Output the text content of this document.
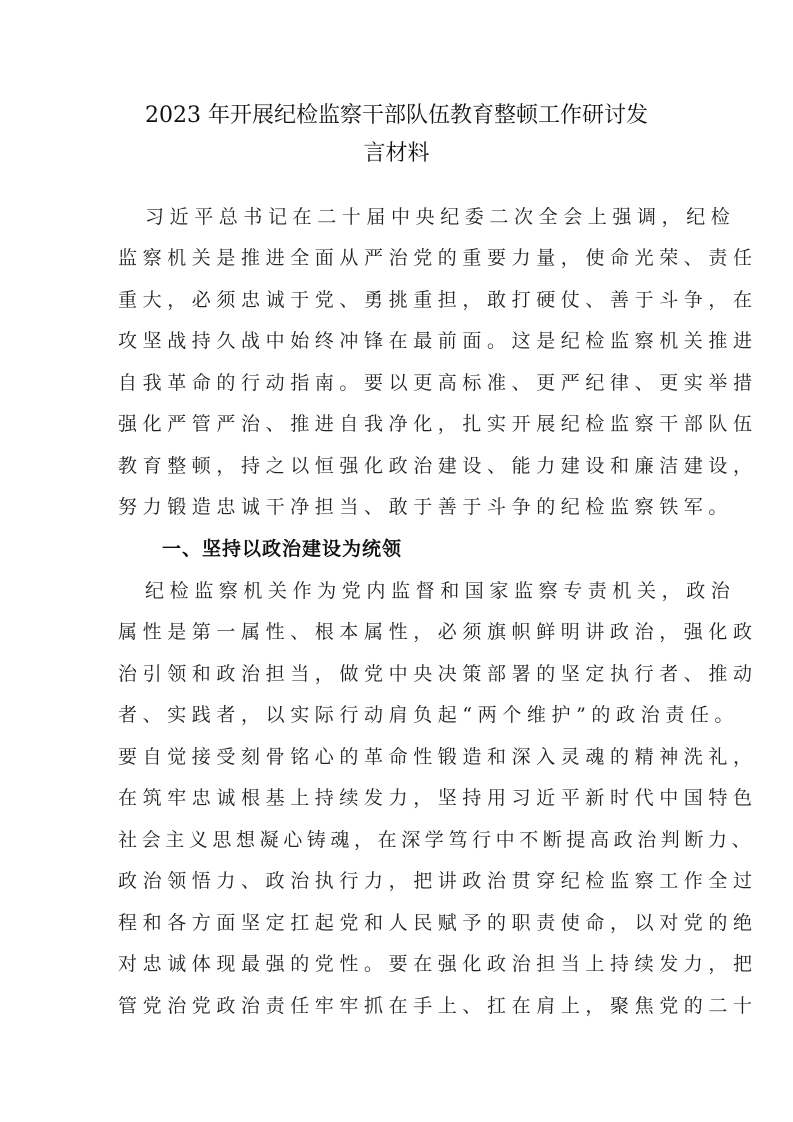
2023 年开展纪检监察干部队伍教育整顿工作研讨发
言材料
习近平总书记在二十届中央纪委二次全会上强调，纪检
监察机关是推进全面从严治党的重要力量，使命光荣、责任
重大，必须忠诚于党、勇挑重担，敢打硬仗、善于斗争，在
攻坚战持久战中始终冲锋在最前面。这是纪检监察机关推进
自我革命的行动指南。要以更高标准、更严纪律、更实举措
强化严管严治、推进自我净化，扎实开展纪检监察干部队伍
教育整顿，持之以恒强化政治建设、能力建设和廉洁建设，
努力锻造忠诚干净担当、敢于善于斗争的纪检监察铁军。
一、坚持以政治建设为统领
纪检监察机关作为党内监督和国家监察专责机关，政治
属性是第一属性、根本属性，必须旗帜鲜明讲政治，强化政
治引领和政治担当，做党中央决策部署的坚定执行者、推动
者、实践者，以实际行动肩负起“两个维护”的政治责任。
要自觉接受刻骨铭心的革命性锻造和深入灵魂的精神洗礼，
在筑牢忠诚根基上持续发力，坚持用习近平新时代中国特色
社会主义思想凝心铸魂，在深学笃行中不断提高政治判断力、
政治领悟力、政治执行力，把讲政治贯穿纪检监察工作全过
程和各方面坚定扛起党和人民赋予的职责使命，以对党的绝
对忠诚体现最强的党性。要在强化政治担当上持续发力，把
管党治党政治责任牢牢抓在手上、扛在肩上，聚焦党的二十
